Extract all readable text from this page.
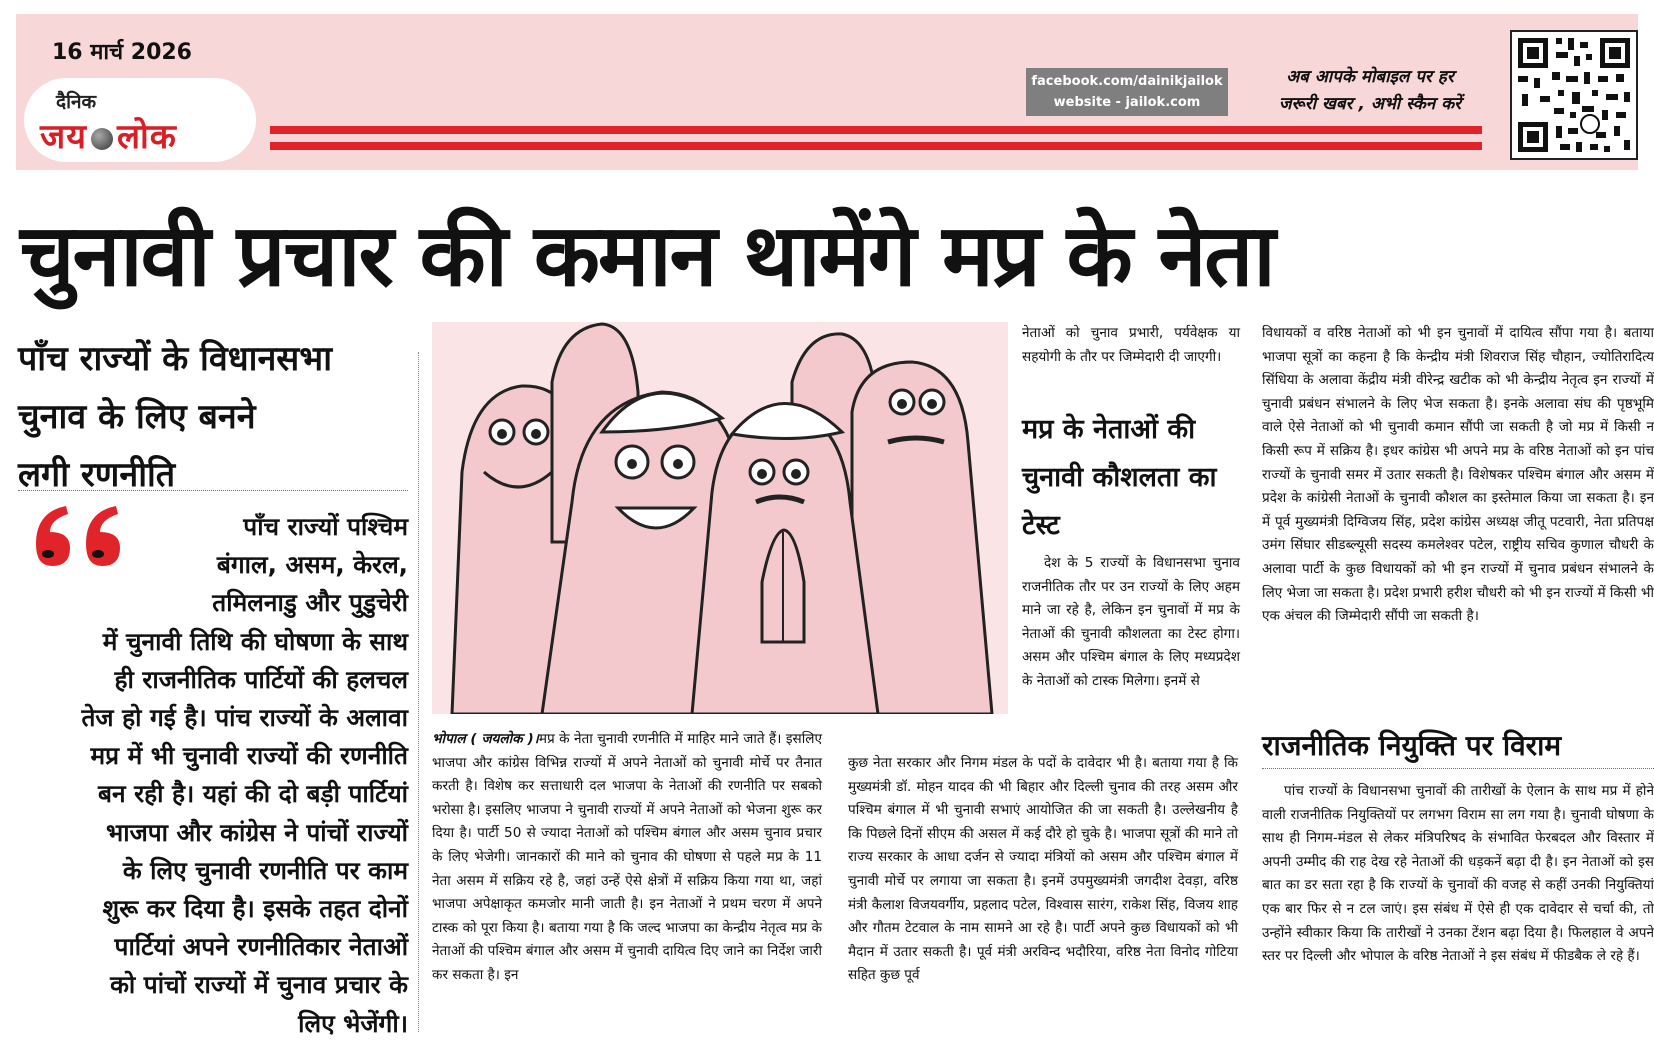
16 मार्च 2026
दैनिक
जय लोक
facebook.com/dainikjailok
website - jailok.com
अब आपके मोबाइल पर हर
जरूरी खबर , अभी स्कैन करें
चुनावी प्रचार की कमान थामेंगे मप्र के नेता
पाँच राज्यों के विधानसभा
चुनाव के लिए बनने
लगी रणनीति
पाँच राज्यों पश्चिम
बंगाल, असम, केरल,
तमिलनाडु और पुडुचेरी
में चुनावी तिथि की घोषणा के साथ
ही राजनीतिक पार्टियों की हलचल
तेज हो गई है। पांच राज्यों के अलावा
मप्र में भी चुनावी राज्यों की रणनीति
बन रही है। यहां की दो बड़ी पार्टियां
भाजपा और कांग्रेस ने पांचों राज्यों
के लिए चुनावी रणनीति पर काम
शुरू कर दिया है। इसके तहत दोनों
पार्टियां अपने रणनीतिकार नेताओं
को पांचों राज्यों में चुनाव प्रचार के
लिए भेजेंगी।
भोपाल ( जयलोक )।मप्र के नेता चुनावी रणनीति में माहिर माने जाते हैं। इसलिए भाजपा और कांग्रेस विभिन्न राज्यों में अपने नेताओं को चुनावी मोर्चे पर तैनात करती है। विशेष कर सत्ताधारी दल भाजपा के नेताओं की रणनीति पर सबको भरोसा है। इसलिए भाजपा ने चुनावी राज्यों में अपने नेताओं को भेजना शुरू कर दिया है। पार्टी 50 से ज्यादा नेताओं को पश्चिम बंगाल और असम चुनाव प्रचार के लिए भेजेगी। जानकारों की माने को चुनाव की घोषणा से पहले मप्र के 11 नेता असम में सक्रिय रहे है, जहां उन्हें ऐसे क्षेत्रों में सक्रिय किया गया था, जहां भाजपा अपेक्षाकृत कमजोर मानी जाती है। इन नेताओं ने प्रथम चरण में अपने टास्क को पूरा किया है। बताया गया है कि जल्द भाजपा का केन्द्रीय नेतृत्व मप्र के नेताओं की पश्चिम बंगाल और असम में चुनावी दायित्व दिए जाने का निर्देश जारी कर सकता है। इन
नेताओं को चुनाव प्रभारी, पर्यवेक्षक या सहयोगी के तौर पर जिम्मेदारी दी जाएगी।
मप्र के नेताओं की चुनावी कौशलता का टेस्ट
देश के 5 राज्यों के विधानसभा चुनाव राजनीतिक तौर पर उन राज्यों के लिए अहम माने जा रहे है, लेकिन इन चुनावों में मप्र के नेताओं की चुनावी कौशलता का टेस्ट होगा। असम और पश्चिम बंगाल के लिए मध्यप्रदेश के नेताओं को टास्क मिलेगा। इनमें से
कुछ नेता सरकार और निगम मंडल के पदों के दावेदार भी है। बताया गया है कि मुख्यमंत्री डॉ. मोहन यादव की भी बिहार और दिल्ली चुनाव की तरह असम और पश्चिम बंगाल में भी चुनावी सभाएं आयोजित की जा सकती है। उल्लेखनीय है कि पिछले दिनों सीएम की असल में कई दौरे हो चुके है। भाजपा सूत्रों की माने तो राज्य सरकार के आधा दर्जन से ज्यादा मंत्रियों को असम और पश्चिम बंगाल में चुनावी मोर्चे पर लगाया जा सकता है। इनमें उपमुख्यमंत्री जगदीश देवड़ा, वरिष्ठ मंत्री कैलाश विजयवर्गीय, प्रहलाद पटेल, विश्वास सारंग, राकेश सिंह, विजय शाह और गौतम टेटवाल के नाम सामने आ रहे है। पार्टी अपने कुछ विधायकों को भी मैदान में उतार सकती है। पूर्व मंत्री अरविन्द भदौरिया, वरिष्ठ नेता विनोद गोटिया सहित कुछ पूर्व
विधायकों व वरिष्ठ नेताओं को भी इन चुनावों में दायित्व सौंपा गया है। बताया भाजपा सूत्रों का कहना है कि केन्द्रीय मंत्री शिवराज सिंह चौहान, ज्योतिरादित्य सिंधिया के अलावा केंद्रीय मंत्री वीरेन्द्र खटीक को भी केन्द्रीय नेतृत्व इन राज्यों में चुनावी प्रबंधन संभालने के लिए भेज सकता है। इनके अलावा संघ की पृष्ठभूमि वाले ऐसे नेताओं को भी चुनावी कमान सौंपी जा सकती है जो मप्र में किसी न किसी रूप में सक्रिय है। इधर कांग्रेस भी अपने मप्र के वरिष्ठ नेताओं को इन पांच राज्यों के चुनावी समर में उतार सकती है। विशेषकर पश्चिम बंगाल और असम में प्रदेश के कांग्रेसी नेताओं के चुनावी कौशल का इस्तेमाल किया जा सकता है। इन में पूर्व मुख्यमंत्री दिग्विजय सिंह, प्रदेश कांग्रेस अध्यक्ष जीतू पटवारी, नेता प्रतिपक्ष उमंग सिंघार सीडब्ल्यूसी सदस्य कमलेश्वर पटेल, राष्ट्रीय सचिव कुणाल चौधरी के अलावा पार्टी के कुछ विधायकों को भी इन राज्यों में चुनाव प्रबंधन संभालने के लिए भेजा जा सकता है। प्रदेश प्रभारी हरीश चौधरी को भी इन राज्यों में किसी भी एक अंचल की जिम्मेदारी सौंपी जा सकती है।
राजनीतिक नियुक्ति पर विराम
पांच राज्यों के विधानसभा चुनावों की तारीखों के ऐलान के साथ मप्र में होने वाली राजनीतिक नियुक्तियों पर लगभग विराम सा लग गया है। चुनावी घोषणा के साथ ही निगम-मंडल से लेकर मंत्रिपरिषद के संभावित फेरबदल और विस्तार में अपनी उम्मीद की राह देख रहे नेताओं की धड़कनें बढ़ा दी है। इन नेताओं को इस बात का डर सता रहा है कि राज्यों के चुनावों की वजह से कहीं उनकी नियुक्तियां एक बार फिर से न टल जाएं। इस संबंध में ऐसे ही एक दावेदार से चर्चा की, तो उन्होंने स्वीकार किया कि तारीखों ने उनका टेंशन बढ़ा दिया है। फिलहाल वे अपने स्तर पर दिल्ली और भोपाल के वरिष्ठ नेताओं ने इस संबंध में फीडबैक ले रहे हैं।
